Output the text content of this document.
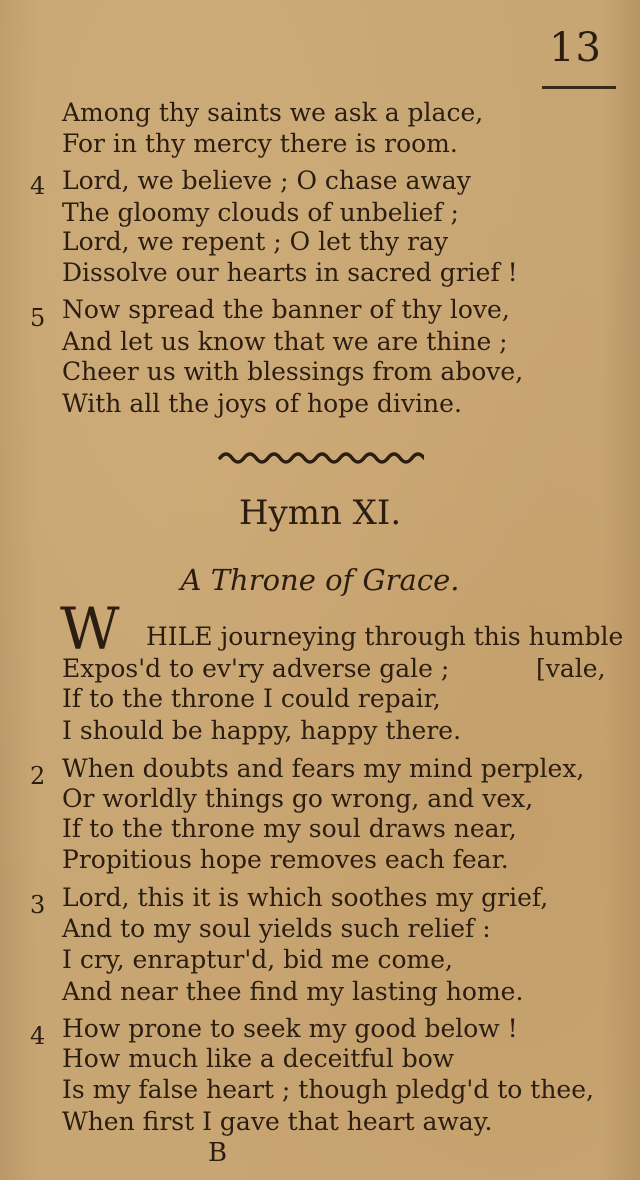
13
Among thy saints we ask a place,
For in thy mercy there is room.
4 Lord, we believe ; O chase away
The gloomy clouds of unbelief ;
Lord, we repent ; O let thy ray
Dissolve our hearts in sacred grief !
5 Now spread the banner of thy love,
And let us know that we are thine ;
Cheer us with blessings from above,
With all the joys of hope divine.
Hymn XI.
A Throne of Grace.
W HILE journeying through this humble
Expos'd to ev'ry adverse gale ;	[vale,
If to the throne I could repair,
I should be happy, happy there.
2 When doubts and fears my mind perplex,
Or worldly things go wrong, and vex,
If to the throne my soul draws near,
Propitious hope removes each fear.
3 Lord, this it is which soothes my grief,
And to my soul yields such relief :
I cry, enraptur'd, bid me come,
And near thee find my lasting home.
4 How prone to seek my good below !
How much like a deceitful bow
Is my false heart ; though pledg'd to thee,
When first I gave that heart away.
B
